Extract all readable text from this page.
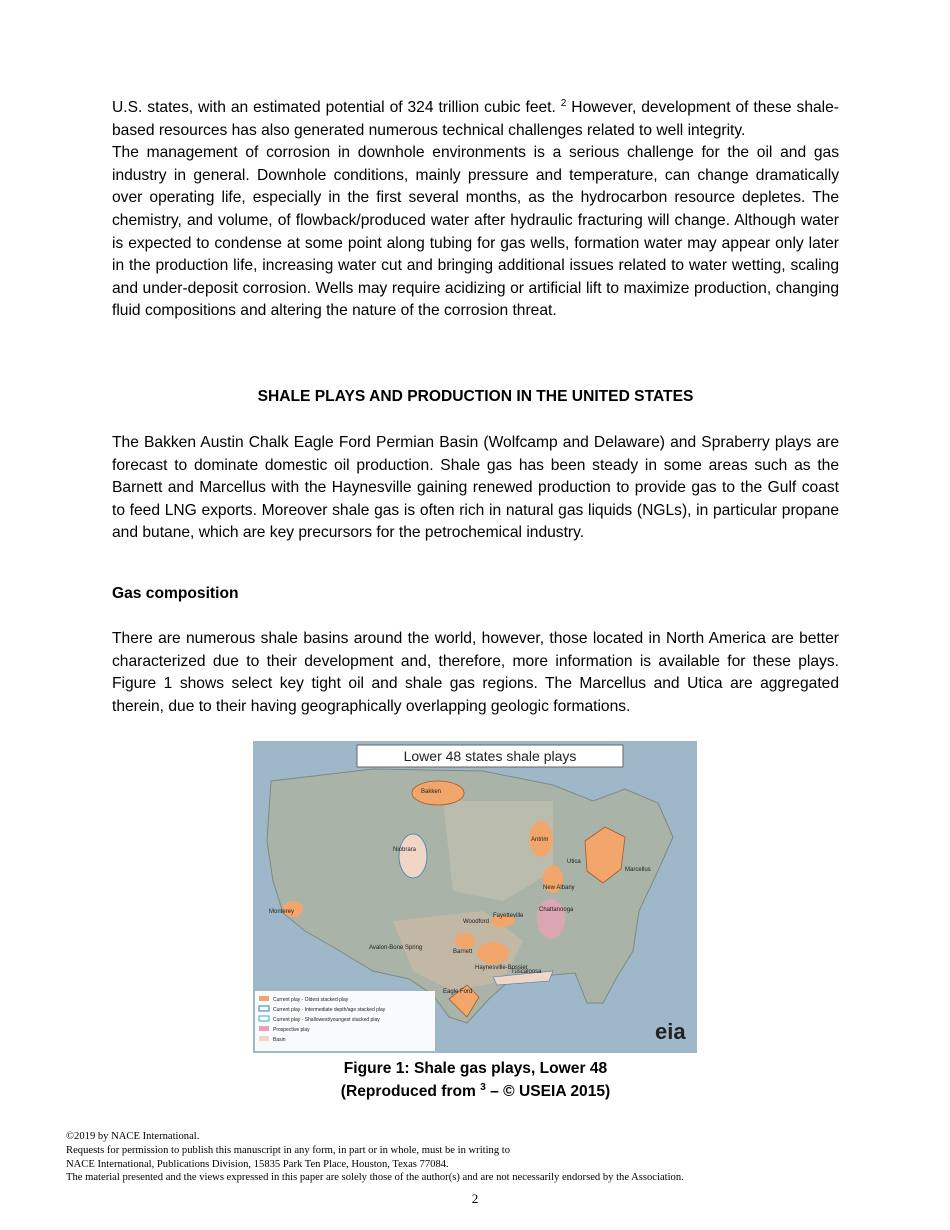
U.S. states, with an estimated potential of 324 trillion cubic feet. $^2$ However, development of these shale-based resources has also generated numerous technical challenges related to well integrity.

The management of corrosion in downhole environments is a serious challenge for the oil and gas industry in general. Downhole conditions, mainly pressure and temperature, can change dramatically over operating life, especially in the first several months, as the hydrocarbon resource depletes. The chemistry, and volume, of flowback/produced water after hydraulic fracturing will change. Although water is expected to condense at some point along tubing for gas wells, formation water may appear only later in the production life, increasing water cut and bringing additional issues related to water wetting, scaling and under-deposit corrosion. Wells may require acidizing or artificial lift to maximize production, changing fluid compositions and altering the nature of the corrosion threat.

SHALE PLAYS AND PRODUCTION IN THE UNITED STATES
The Bakken Austin Chalk Eagle Ford Permian Basin (Wolfcamp and Delaware) and Spraberry plays are forecast to dominate domestic oil production. Shale gas has been steady in some areas such as the Barnett and Marcellus with the Haynesville gaining renewed production to provide gas to the Gulf coast to feed LNG exports. Moreover shale gas is often rich in natural gas liquids (NGLs), in particular propane and butane, which are key precursors for the petrochemical industry.
Gas composition
There are numerous shale basins around the world, however, those located in North America are better characterized due to their development and, therefore, more information is available for these plays. Figure 1 shows select key tight oil and shale gas regions. The Marcellus and Utica are aggregated therein, due to their having geographically overlapping geologic formations.
Lower 48 states shale plays
Bakken
Niobrara
Marcellus
Utica
Antrim
Eagle Ford
Haynesville-Bossier
Barnett
Fayetteville
Woodford
Monterey
New Albany
Avalon-Bone Spring
Tuscaloosa
Chattanooga
Current play - Oldest stacked play
Current play - Intermediate depth/age stacked play
Current play - Shallowest/youngest stacked play
Prospective play
Basin	eia
Figure 1: Shale gas plays, Lower 48
(Reproduced from $^3$ – © USEIA 2015)
©2019 by NACE International.
Requests for permission to publish this manuscript in any form, in part or in whole, must be in writing to
NACE International, Publications Division, 15835 Park Ten Place, Houston, Texas 77084.
The material presented and the views expressed in this paper are solely those of the author(s) and are not necessarily endorsed by the Association.
2
